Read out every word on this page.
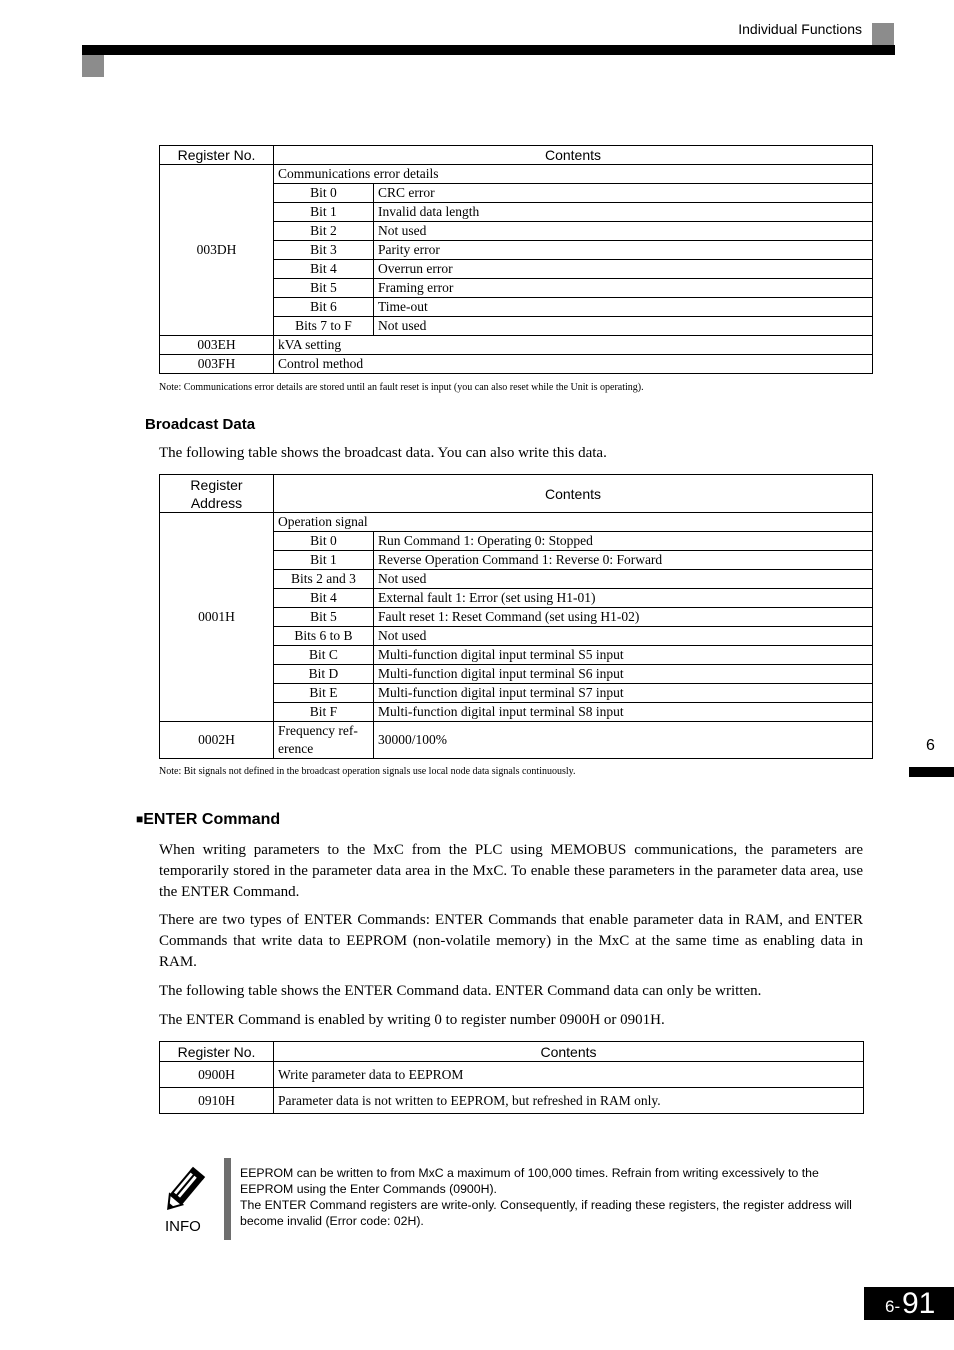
Individual Functions
Register No.	Contents	
003DH	Communications error details	
	Bit 0	CRC error
	Bit 1	Invalid data length
	Bit 2	Not used
	Bit 3	Parity error
	Bit 4	Overrun error
	Bit 5	Framing error
	Bit 6	Time-out
	Bits 7 to F	Not used
003EH	kVA setting	
003FH	Control method	
Note: Communications error details are stored until an fault reset is input (you can also reset while the Unit is operating).
Broadcast Data
The following table shows the broadcast data. You can also write this data.
Register Address	Contents	
0001H	Operation signal	
	Bit 0	Run Command 1: Operating 0: Stopped
	Bit 1	Reverse Operation Command 1: Reverse 0: Forward
	Bits 2 and 3	Not used
	Bit 4	External fault 1: Error (set using H1-01)
	Bit 5	Fault reset 1: Reset Command (set using H1-02)
	Bits 6 to B	Not used
	Bit C	Multi-function digital input terminal S5 input
	Bit D	Multi-function digital input terminal S6 input
	Bit E	Multi-function digital input terminal S7 input
	Bit F	Multi-function digital input terminal S8 input
0002H	Frequency ref- erence	30000/100%
Note: Bit signals not defined in the broadcast operation signals use local node data signals continuously.
■ENTER Command
When writing parameters to the MxC from the PLC using MEMOBUS communications, the parameters are temporarily stored in the parameter data area in the MxC. To enable these parameters in the parameter data area, use the ENTER Command.
There are two types of ENTER Commands: ENTER Commands that enable parameter data in RAM, and ENTER Commands that write data to EEPROM (non-volatile memory) in the MxC at the same time as enabling data in RAM.
The following table shows the ENTER Command data. ENTER Command data can only be written.
The ENTER Command is enabled by writing 0 to register number 0900H or 0901H.
Register No.	Contents
0900H	Write parameter data to EEPROM
0910H	Parameter data is not written to EEPROM, but refreshed in RAM only.
6
INFO
EEPROM can be written to from MxC a maximum of 100,000 times. Refrain from writing excessively to the EEPROM using the Enter Commands (0900H).
The ENTER Command registers are write-only. Consequently, if reading these registers, the register address will become invalid (Error code: 02H).
6- 91
